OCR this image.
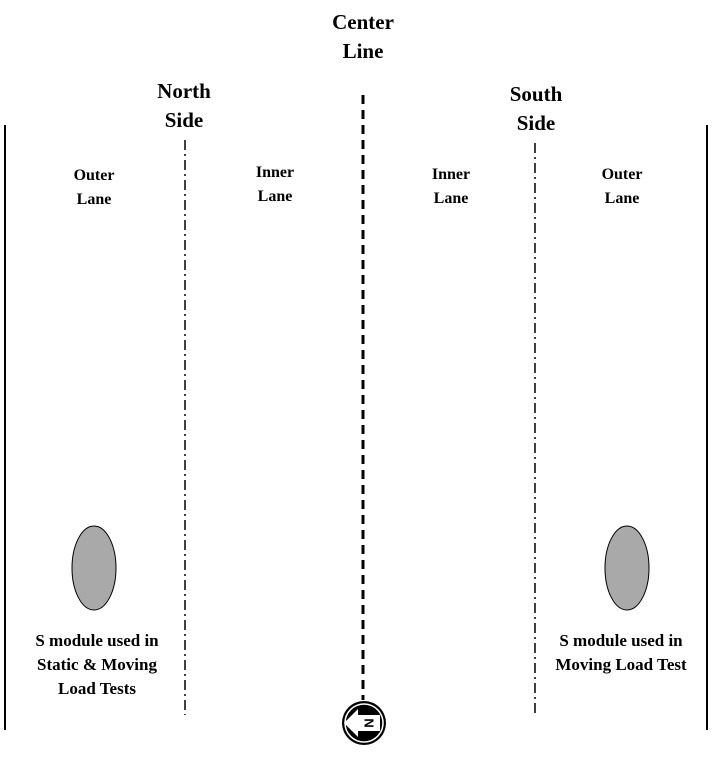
N
Center
Line
North
Side
South
Side
Outer
Lane
Inner
Lane
Inner
Lane
Outer
Lane
S module used in
Static & Moving
Load Tests
S module used in
Moving Load Test
